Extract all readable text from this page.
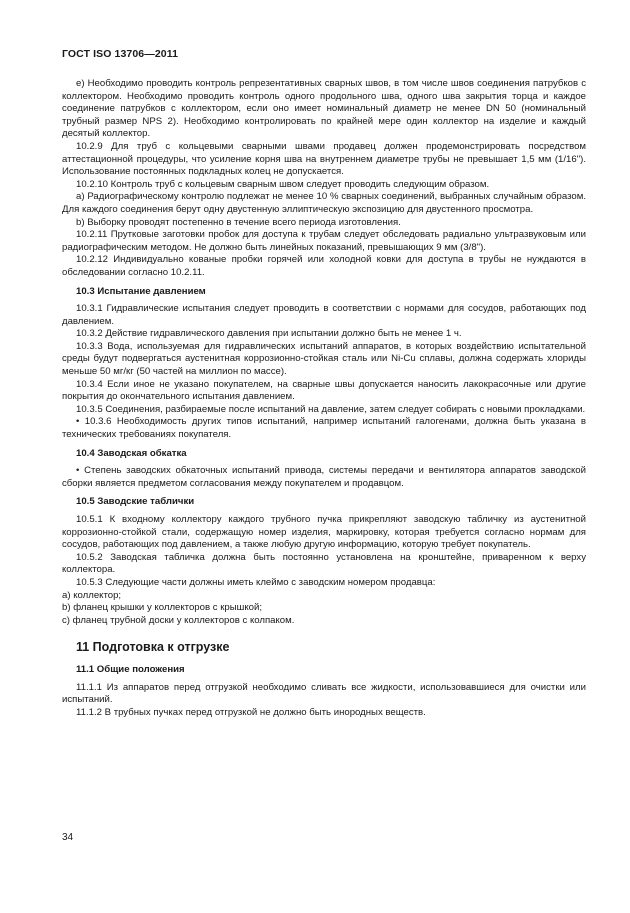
ГОСТ ISO 13706—2011

е) Необходимо проводить контроль репрезентативных сварных швов, в том числе швов соединения патрубков с коллектором. Необходимо проводить контроль одного продольного шва, одного шва закрытия торца и каждое соединение патрубков с коллектором, если оно имеет номинальный диаметр не менее DN 50 (номинальный трубный размер NPS 2). Необходимо контролировать по крайней мере один коллектор на изделие и каждый десятый коллектор.

10.2.9 Для труб с кольцевыми сварными швами продавец должен продемонстрировать посредством аттестационной процедуры, что усиление корня шва на внутреннем диаметре трубы не превышает 1,5 мм (1/16"). Использование постоянных подкладных колец не допускается.

10.2.10 Контроль труб с кольцевым сварным швом следует проводить следующим образом.

а) Радиографическому контролю подлежат не менее 10 % сварных соединений, выбранных случайным образом. Для каждого соединения берут одну двустенную эллиптическую экспозицию для двустенного просмотра.

b) Выборку проводят постепенно в течение всего периода изготовления.

10.2.11 Прутковые заготовки пробок для доступа к трубам следует обследовать радиально ультразвуковым или радиографическим методом. Не должно быть линейных показаний, превышающих 9 мм (3/8").

10.2.12 Индивидуально кованые пробки горячей или холодной ковки для доступа в трубы не нуждаются в обследовании согласно 10.2.11.

10.3 Испытание давлением

10.3.1 Гидравлические испытания следует проводить в соответствии с нормами для сосудов, работающих под давлением.

10.3.2 Действие гидравлического давления при испытании должно быть не менее 1 ч.

10.3.3 Вода, используемая для гидравлических испытаний аппаратов, в которых воздействию испытательной среды будут подвергаться аустенитная коррозионно-стойкая сталь или Ni-Cu сплавы, должна содержать хлориды меньше 50 мг/кг (50 частей на миллион по массе).

10.3.4 Если иное не указано покупателем, на сварные швы допускается наносить лакокрасочные или другие покрытия до окончательного испытания давлением.

10.3.5 Соединения, разбираемые после испытаний на давление, затем следует собирать с новыми прокладками.

• 10.3.6 Необходимость других типов испытаний, например испытаний галогенами, должна быть указана в технических требованиях покупателя.

10.4 Заводская обкатка

• Степень заводских обкаточных испытаний привода, системы передачи и вентилятора аппаратов заводской сборки является предметом согласования между покупателем и продавцом.

10.5 Заводские таблички

10.5.1 К входному коллектору каждого трубного пучка прикрепляют заводскую табличку из аустенитной коррозионно-стойкой стали, содержащую номер изделия, маркировку, которая требуется согласно нормам для сосудов, работающих под давлением, а также любую другую информацию, которую требует покупатель.

10.5.2 Заводская табличка должна быть постоянно установлена на кронштейне, приваренном к верху коллектора.

10.5.3 Следующие части должны иметь клеймо с заводским номером продавца:

а) коллектор;

b) фланец крышки у коллекторов с крышкой;

c) фланец трубной доски у коллекторов с колпаком.

11 Подготовка к отгрузке
11.1 Общие положения

11.1.1 Из аппаратов перед отгрузкой необходимо сливать все жидкости, использовавшиеся для очистки или испытаний.

11.1.2 В трубных пучках перед отгрузкой не должно быть инородных веществ.

34
